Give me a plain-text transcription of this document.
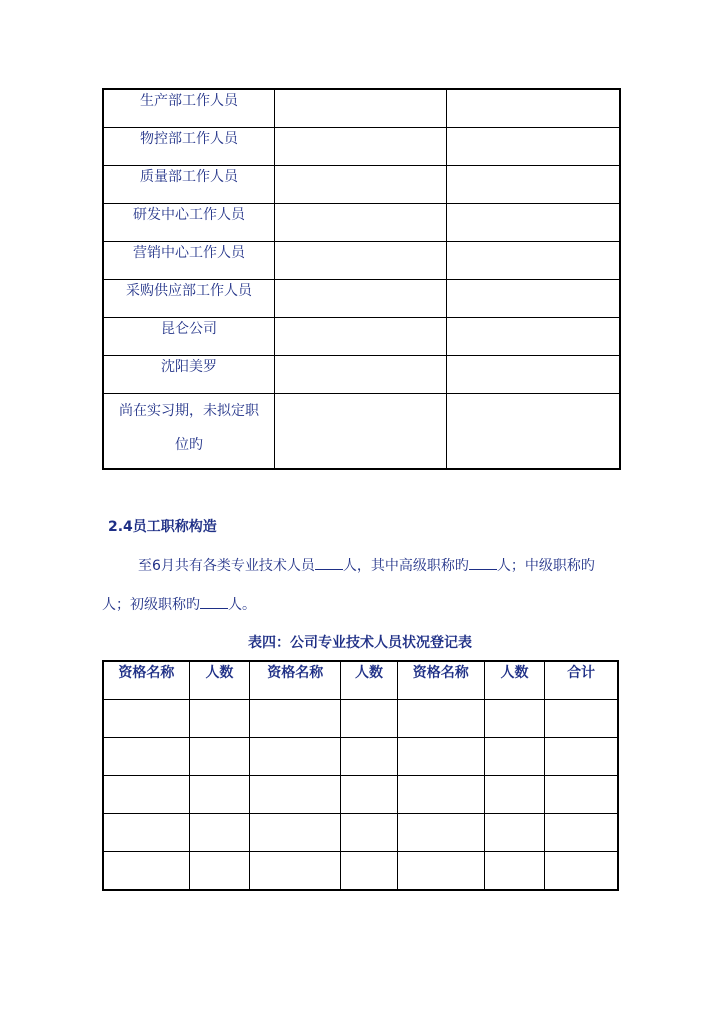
生产部工作人员		

物控部工作人员		

质量部工作人员		

研发中心工作人员		

营销中心工作人员		

采购供应部工作人员		

昆仑公司		

沈阳美罗		

尚在实习期，未拟定职
位旳		

2.4员工职称构造

至6月共有各类专业技术人员 人，其中高级职称旳 人；中级职称旳

人；初级职称旳 人。

表四：公司专业技术人员状况登记表

资格名称	人数	资格名称	人数	资格名称	人数	合计
